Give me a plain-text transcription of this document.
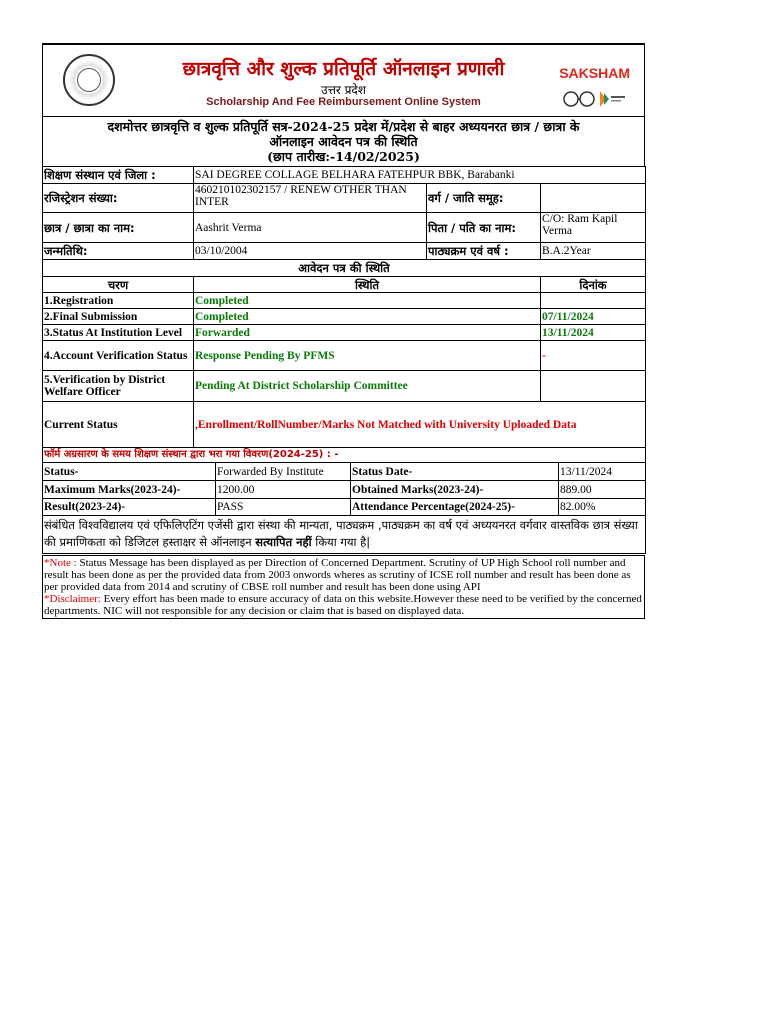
छात्रवृत्ति और शुल्क प्रतिपूर्ति ऑनलाइन प्रणाली
उत्तर प्रदेश
Scholarship And Fee Reimbursement Online System
SAKSHAM
दशमोत्तर छात्रवृत्ति व शुल्क प्रतिपूर्ति सत्र-2024-25 प्रदेश में/प्रदेश से बाहर अध्ययनरत छात्र / छात्रा के
ऑनलाइन आवेदन पत्र की स्थिति
(छाप तारीख:-14/02/2025)
शिक्षण संस्थान एवं जिला :	SAI DEGREE COLLAGE BELHARA FATEHPUR BBK, Barabanki		
रजिस्ट्रेशन संख्या:	460210102302157 / RENEW OTHER THAN INTER	वर्ग / जाति समूह:	
छात्र / छात्रा का नाम:	Aashrit Verma	पिता / पति का नाम:	C/O: Ram Kapil Verma
जन्मतिथि:	03/10/2004	पाठ्यक्रम एवं वर्ष :	B.A.2Year
आवेदन पत्र की स्थिति			
चरण	स्थिति	दिनांक
1.Registration	Completed	
2.Final Submission	Completed	07/11/2024
3.Status At Institution Level	Forwarded	13/11/2024
4.Account Verification Status	Response Pending By PFMS	-
5.Verification by District Welfare Officer	Pending At District Scholarship Committee	
Current Status	,Enrollment/RollNumber/Marks Not Matched with University Uploaded Data	
फॉर्म अग्रसारण के समय शिक्षण संस्थान द्वारा भरा गया विवरण(2024-25) : -			
Status-	Forwarded By Institute	Status Date-	13/11/2024
Maximum Marks(2023-24)-	1200.00	Obtained Marks(2023-24)-	889.00
Result(2023-24)-	PASS	Attendance Percentage(2024-25)-	82.00%
संबंधित विश्वविद्यालय एवं एफिलिएटिंग एजेंसी द्वारा संस्था की मान्यता, पाठ्यक्रम ,पाठ्यक्रम का वर्ष एवं अध्ययनरत वर्गवार वास्तविक छात्र संख्या की प्रमाणिकता को डिजिटल हस्ताक्षर से ऑनलाइन सत्यापित नहीं किया गया है|			
*Note : Status Message has been displayed as per Direction of Concerned Department. Scrutiny of UP High School roll number and result has been done as per the provided data from 2003 onwords wheres as scrutiny of ICSE roll number and result has been done as per provided data from 2014 and scrutiny of CBSE roll number and result has been done using API
*Disclaimer: Every effort has been made to ensure accuracy of data on this website.However these need to be verified by the concerned departments. NIC will not responsible for any decision or claim that is based on displayed data.
